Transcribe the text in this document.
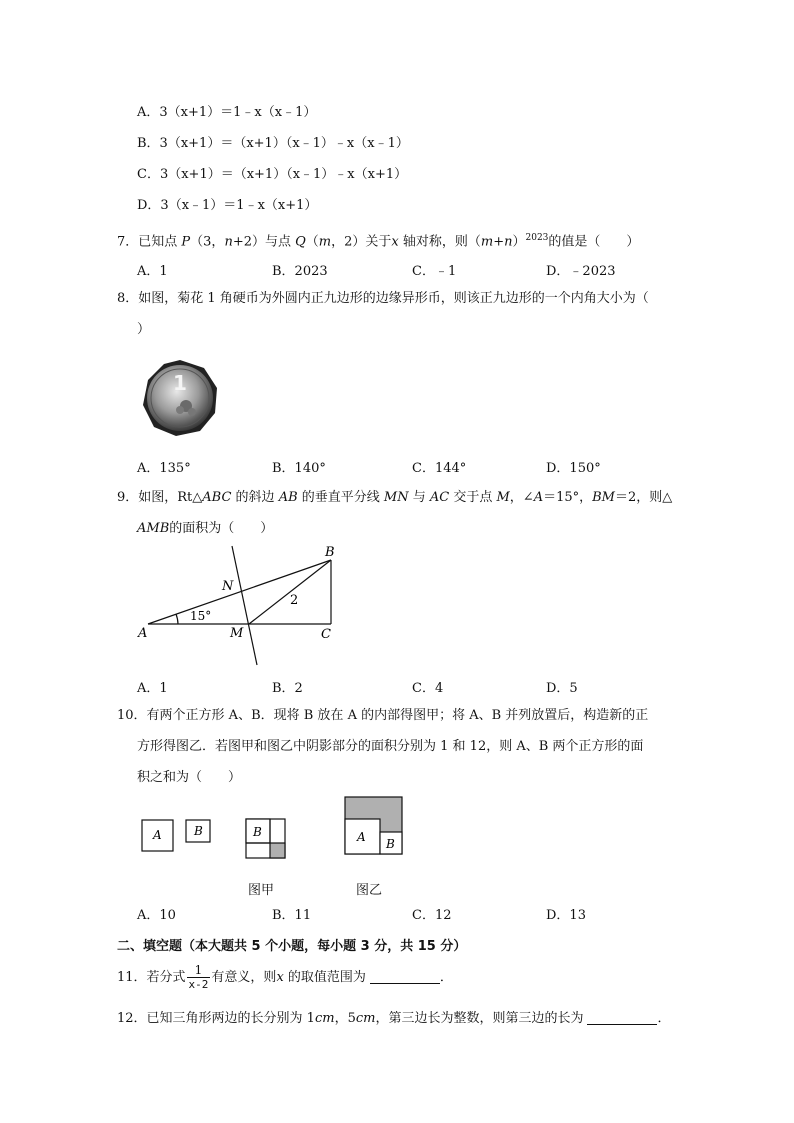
A．3（x+1）＝1﹣x（x﹣1）
B．3（x+1）＝（x+1）（x﹣1）﹣x（x﹣1）
C．3（x+1）＝（x+1）（x﹣1）﹣x（x+1）
D．3（x﹣1）＝1﹣x（x+1）
7．已知点 P（3，n+2）与点 Q（m，2）关于x 轴对称，则$(m+n)^{2023}$的值是（　　）
A．1	B．2023	C．﹣1	D．﹣2023
8．如图，菊花 1 角硬币为外圆内正九边形的边缘异形币，则该正九边形的一个内角大小为（
）
1
A．135°	B．140°	C．144°	D．150°
9．如图，Rt△ABC 的斜边 AB 的垂直平分线 MN 与 AC 交于点 M，∠A＝15°，BM＝2，则△
AMB的面积为（　　）
A
B
C
M
N
15°
2
A．1	B．2	C．4	D．5
10．有两个正方形 A、B．现将 B 放在 A 的内部得图甲；将 A、B 并列放置后，构造新的正
方形得图乙．若图甲和图乙中阴影部分的面积分别为 1 和 12，则 A、B 两个正方形的面
积之和为（　　）
A	B	B	A B
图甲	图乙
A．10	B．11	C．12	D．13
二、填空题（本大题共 5 个小题，每小题 3 分，共 15 分）
11．若分式 $\frac{1}{x-2}$ 有意义，则x 的取值范围为	．
12．已知三角形两边的长分别为 1cm，5cm，第三边长为整数，则第三边的长为	．
